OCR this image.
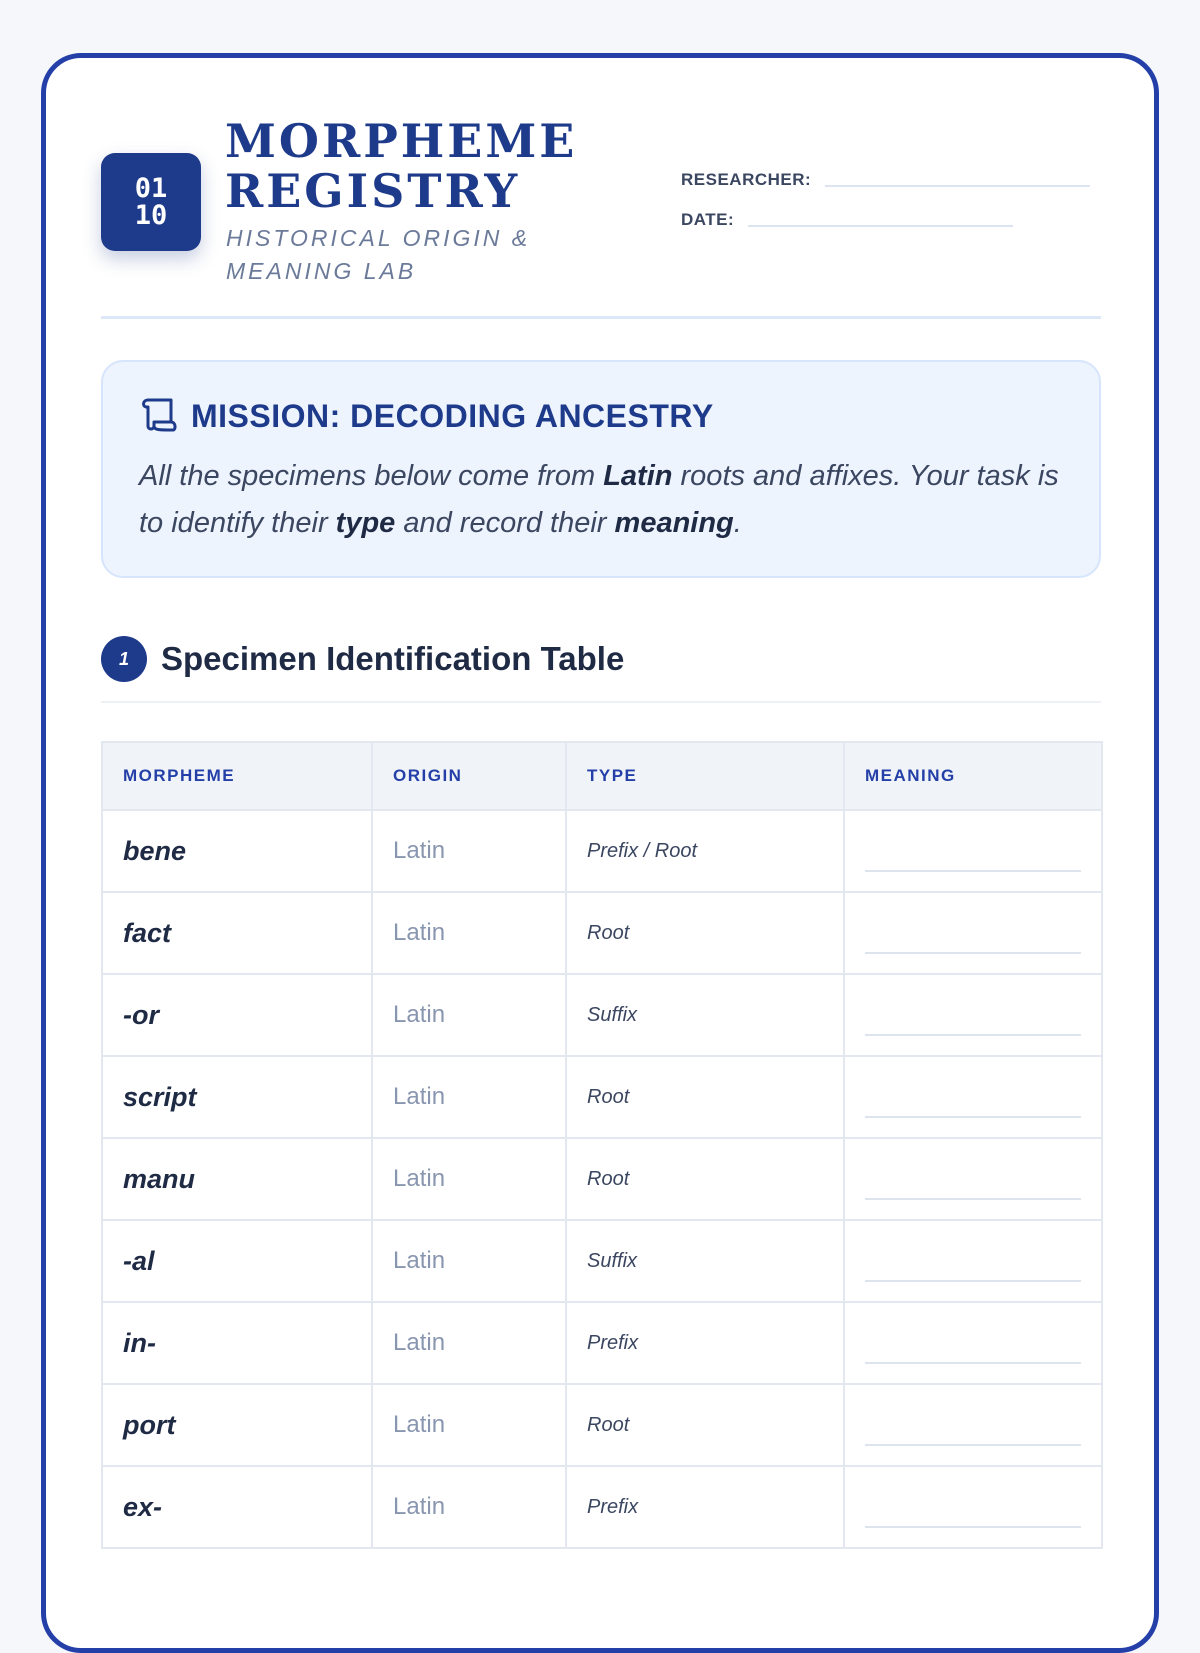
01
10
MORPHEME REGISTRY
HISTORICAL ORIGIN & MEANING LAB
RESEARCHER:
DATE:
MISSION: DECODING ANCESTRY
All the specimens below come from Latin roots and affixes. Your task is to identify their type and record their meaning.
1 Specimen Identification Table
MORPHEME	ORIGIN	TYPE	MEANING
bene	Latin	Prefix / Root	

fact	Latin	Root	

-or	Latin	Suffix	

script	Latin	Root	

manu	Latin	Root	

-al	Latin	Suffix	

in-	Latin	Prefix	

port	Latin	Root	

ex-	Latin	Prefix	
